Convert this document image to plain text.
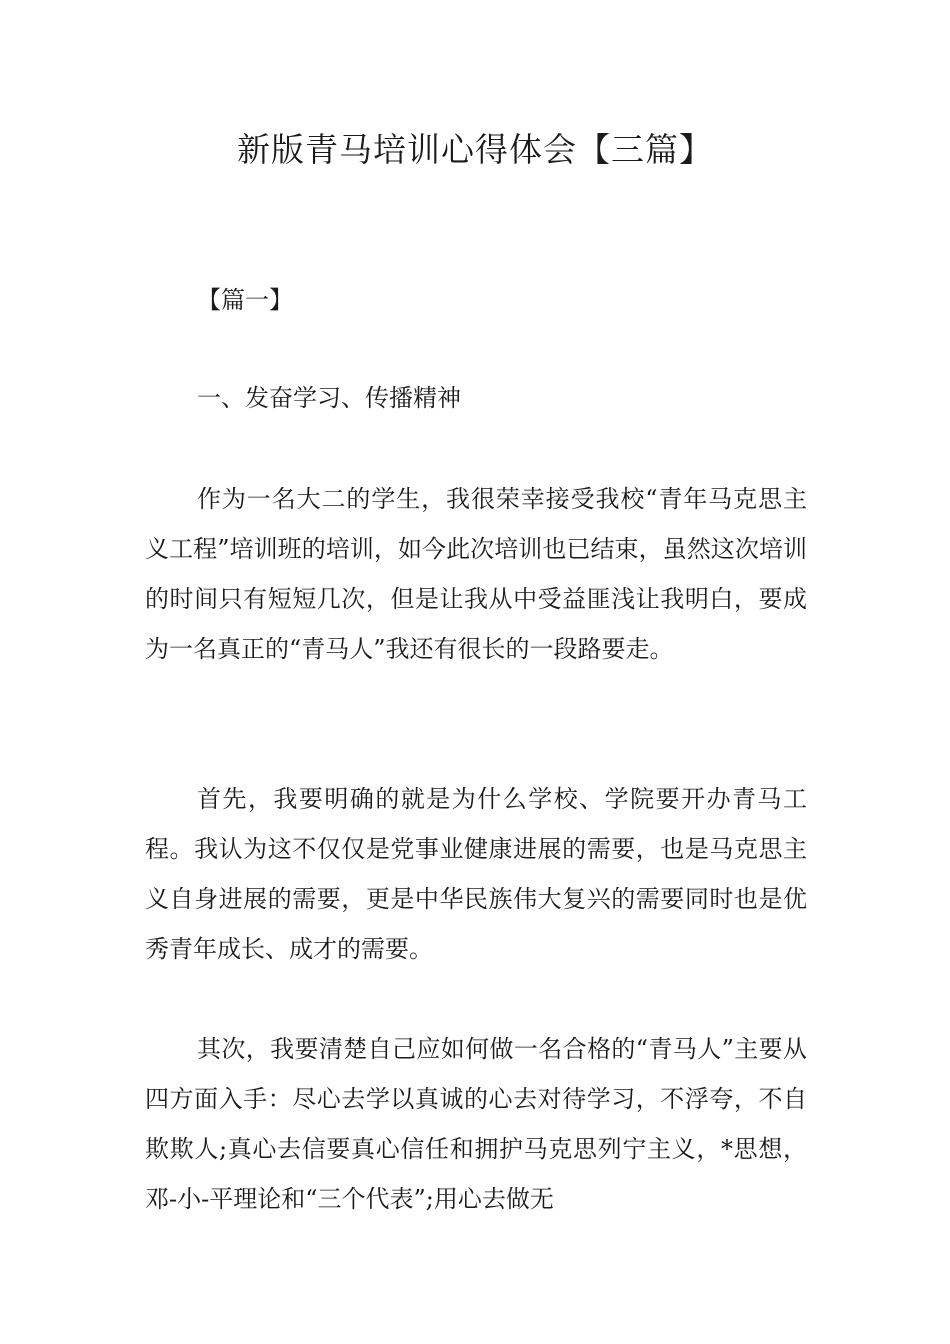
新版青马培训心得体会【三篇】
【篇一】
一、发奋学习、传播精神

作为一名大二的学生，我很荣幸接受我校“青年马克思主义工程”培训班的培训，如今此次培训也已结束，虽然这次培训的时间只有短短几次，但是让我从中受益匪浅让我明白，要成为一名真正的“青马人”我还有很长的一段路要走。

首先，我要明确的就是为什么学校、学院要开办青马工程。我认为这不仅仅是党事业健康进展的需要，也是马克思主义自身进展的需要，更是中华民族伟大复兴的需要同时也是优秀青年成长、成才的需要。

其次，我要清楚自己应如何做一名合格的“青马人”主要从四方面入手：尽心去学以真诚的心去对待学习，不浮夸，不自欺欺人;真心去信要真心信任和拥护马克思列宁主义，*思想，邓-小-平理论和“三个代表”;用心去做无
